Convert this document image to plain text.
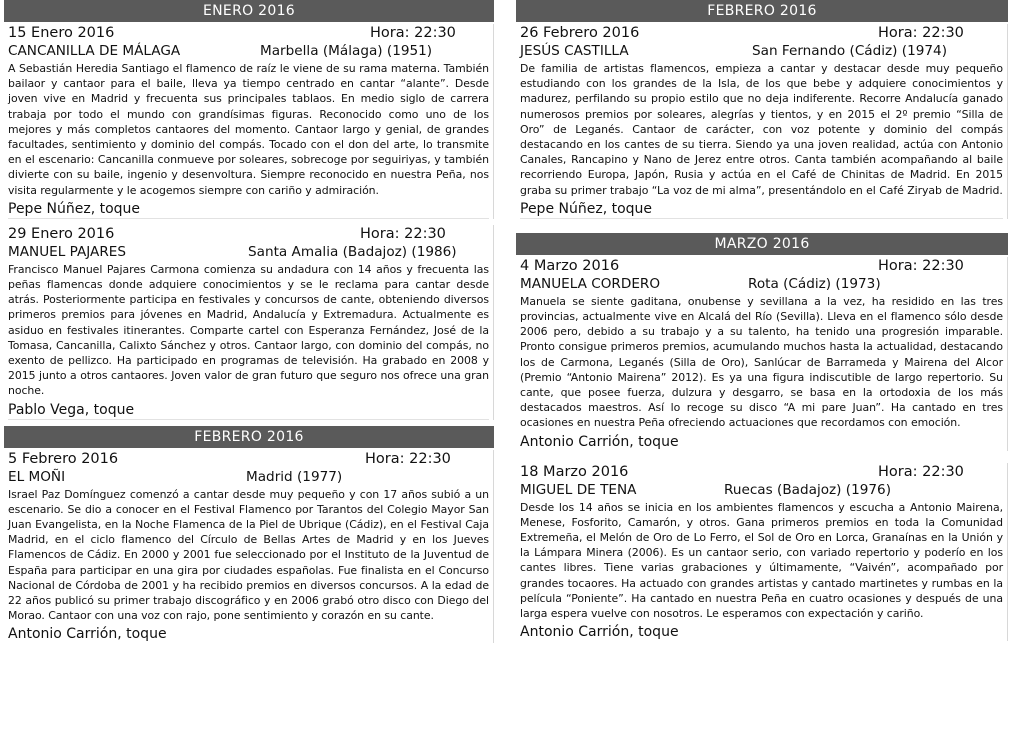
ENERO 2016
15 Enero 2016	Hora: 22:30
CANCANILLA DE MÁLAGA	Marbella (Málaga) (1951)

A Sebastián Heredia Santiago el flamenco de raíz le viene de su rama materna. También bailaor y cantaor para el baile, lleva ya tiempo centrado en cantar “alante”. Desde joven vive en Madrid y frecuenta sus principales tablaos. En medio siglo de carrera trabaja por todo el mundo con grandísimas figuras. Reconocido como uno de los mejores y más completos cantaores del momento. Cantaor largo y genial, de grandes facultades, sentimiento y dominio del compás. Tocado con el don del arte, lo transmite en el escenario: Cancanilla conmueve por soleares, sobrecoge por seguiriyas, y también divierte con su baile, ingenio y desenvoltura. Siempre reconocido en nuestra Peña, nos visita regularmente y le acogemos siempre con cariño y admiración.

Pepe Núñez, toque
29 Enero 2016	Hora: 22:30
MANUEL PAJARES	Santa Amalia (Badajoz) (1986)

Francisco Manuel Pajares Carmona comienza su andadura con 14 años y frecuenta las peñas flamencas donde adquiere conocimientos y se le reclama para cantar desde atrás. Posteriormente participa en festivales y concursos de cante, obteniendo diversos primeros premios para jóvenes en Madrid, Andalucía y Extremadura. Actualmente es asiduo en festivales itinerantes. Comparte cartel con Esperanza Fernández, José de la Tomasa, Cancanilla, Calixto Sánchez y otros. Cantaor largo, con dominio del compás, no exento de pellizco. Ha participado en programas de televisión. Ha grabado en 2008 y 2015 junto a otros cantaores. Joven valor de gran futuro que seguro nos ofrece una gran noche.

Pablo Vega, toque
FEBRERO 2016
5 Febrero 2016	Hora: 22:30
EL MOÑI	Madrid (1977)

Israel Paz Domínguez comenzó a cantar desde muy pequeño y con 17 años subió a un escenario. Se dio a conocer en el Festival Flamenco por Tarantos del Colegio Mayor San Juan Evangelista, en la Noche Flamenca de la Piel de Ubrique (Cádiz), en el Festival Caja Madrid, en el ciclo flamenco del Círculo de Bellas Artes de Madrid y en los Jueves Flamencos de Cádiz. En 2000 y 2001 fue seleccionado por el Instituto de la Juventud de España para participar en una gira por ciudades españolas. Fue finalista en el Concurso Nacional de Córdoba de 2001 y ha recibido premios en diversos concursos. A la edad de 22 años publicó su primer trabajo discográfico y en 2006 grabó otro disco con Diego del Morao. Cantaor con una voz con rajo, pone sentimiento y corazón en su cante.

Antonio Carrión, toque
FEBRERO 2016
26 Febrero 2016	Hora: 22:30
JESÚS CASTILLA	San Fernando (Cádiz) (1974)

De familia de artistas flamencos, empieza a cantar y destacar desde muy pequeño estudiando con los grandes de la Isla, de los que bebe y adquiere conocimientos y madurez, perfilando su propio estilo que no deja indiferente. Recorre Andalucía ganado numerosos premios por soleares, alegrías y tientos, y en 2015 el 2º premio “Silla de Oro” de Leganés. Cantaor de carácter, con voz potente y dominio del compás destacando en los cantes de su tierra. Siendo ya una joven realidad, actúa con Antonio Canales, Rancapino y Nano de Jerez entre otros. Canta también acompañando al baile recorriendo Europa, Japón, Rusia y actúa en el Café de Chinitas de Madrid. En 2015 graba su primer trabajo “La voz de mi alma”, presentándolo en el Café Ziryab de Madrid.

Pepe Núñez, toque
MARZO 2016
4 Marzo 2016	Hora: 22:30
MANUELA CORDERO	Rota (Cádiz) (1973)

Manuela se siente gaditana, onubense y sevillana a la vez, ha residido en las tres provincias, actualmente vive en Alcalá del Río (Sevilla). Lleva en el flamenco sólo desde 2006 pero, debido a su trabajo y a su talento, ha tenido una progresión imparable. Pronto consigue primeros premios, acumulando muchos hasta la actualidad, destacando los de Carmona, Leganés (Silla de Oro), Sanlúcar de Barrameda y Mairena del Alcor (Premio “Antonio Mairena” 2012). Es ya una figura indiscutible de largo repertorio. Su cante, que posee fuerza, dulzura y desgarro, se basa en la ortodoxia de los más destacados maestros. Así lo recoge su disco “A mi pare Juan”. Ha cantado en tres ocasiones en nuestra Peña ofreciendo actuaciones que recordamos con emoción.

Antonio Carrión, toque
18 Marzo 2016	Hora: 22:30
MIGUEL DE TENA	Ruecas (Badajoz) (1976)

Desde los 14 años se inicia en los ambientes flamencos y escucha a Antonio Mairena, Menese, Fosforito, Camarón, y otros. Gana primeros premios en toda la Comunidad Extremeña, el Melón de Oro de Lo Ferro, el Sol de Oro en Lorca, Granaínas en la Unión y la Lámpara Minera (2006). Es un cantaor serio, con variado repertorio y poderío en los cantes libres. Tiene varias grabaciones y últimamente, “Vaivén”, acompañado por grandes tocaores. Ha actuado con grandes artistas y cantado martinetes y rumbas en la película “Poniente”. Ha cantado en nuestra Peña en cuatro ocasiones y después de una larga espera vuelve con nosotros. Le esperamos con expectación y cariño.

Antonio Carrión, toque
